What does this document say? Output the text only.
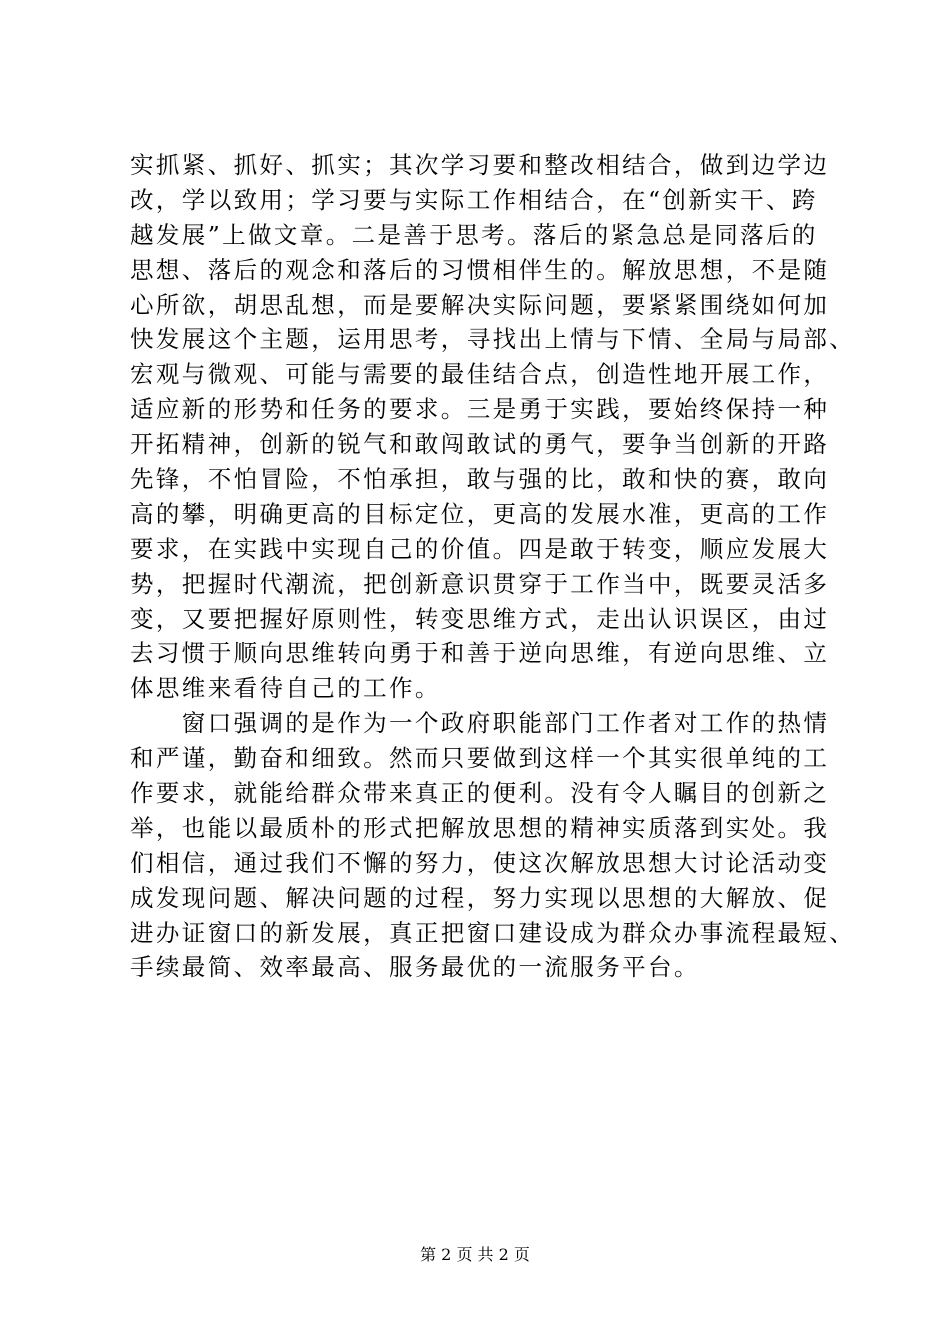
实抓紧、抓好、抓实；其次学习要和整改相结合，做到边学边
改，学以致用；学习要与实际工作相结合，在“创新实干、跨
越发展”上做文章。二是善于思考。落后的紧急总是同落后的
思想、落后的观念和落后的习惯相伴生的。解放思想，不是随
心所欲，胡思乱想，而是要解决实际问题，要紧紧围绕如何加
快发展这个主题，运用思考，寻找出上情与下情、全局与局部、
宏观与微观、可能与需要的最佳结合点，创造性地开展工作，
适应新的形势和任务的要求。三是勇于实践，要始终保持一种
开拓精神，创新的锐气和敢闯敢试的勇气，要争当创新的开路
先锋，不怕冒险，不怕承担，敢与强的比，敢和快的赛，敢向
高的攀，明确更高的目标定位，更高的发展水准，更高的工作
要求，在实践中实现自己的价值。四是敢于转变，顺应发展大
势，把握时代潮流，把创新意识贯穿于工作当中，既要灵活多
变，又要把握好原则性，转变思维方式，走出认识误区，由过
去习惯于顺向思维转向勇于和善于逆向思维，有逆向思维、立
体思维来看待自己的工作。
　　窗口强调的是作为一个政府职能部门工作者对工作的热情
和严谨，勤奋和细致。然而只要做到这样一个其实很单纯的工
作要求，就能给群众带来真正的便利。没有令人瞩目的创新之
举，也能以最质朴的形式把解放思想的精神实质落到实处。我
们相信，通过我们不懈的努力，使这次解放思想大讨论活动变
成发现问题、解决问题的过程，努力实现以思想的大解放、促
进办证窗口的新发展，真正把窗口建设成为群众办事流程最短、
手续最简、效率最高、服务最优的一流服务平台。
第 2 页 共 2 页
